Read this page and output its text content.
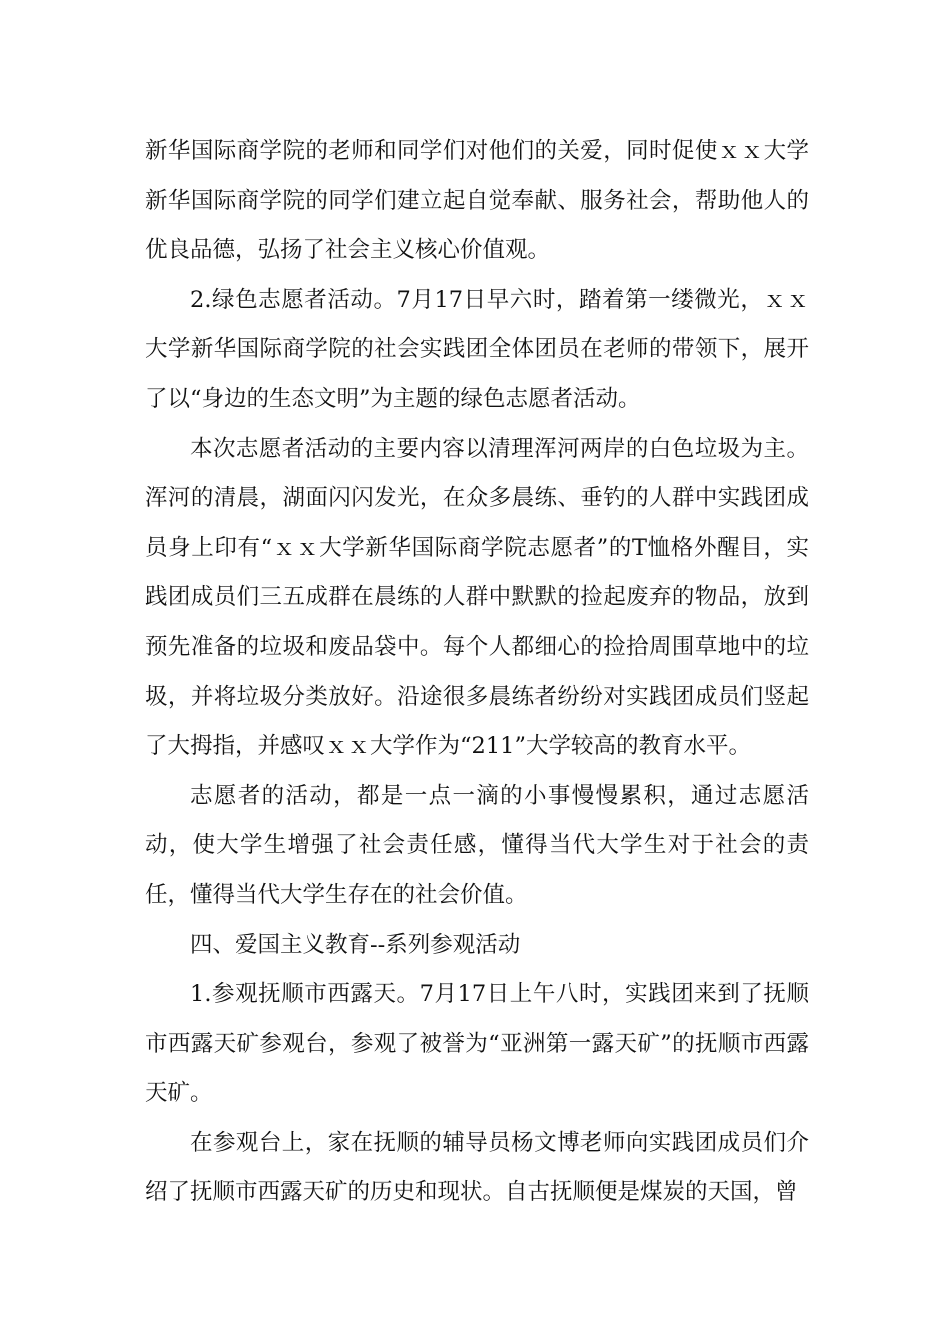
新华国际商学院的老师和同学们对他们的关爱，同时促使ｘｘ大学新华国际商学院的同学们建立起自觉奉献、服务社会，帮助他人的优良品德，弘扬了社会主义核心价值观。

2.绿色志愿者活动。7月17日早六时，踏着第一缕微光，ｘｘ大学新华国际商学院的社会实践团全体团员在老师的带领下，展开了以“身边的生态文明”为主题的绿色志愿者活动。

本次志愿者活动的主要内容以清理浑河两岸的白色垃圾为主。浑河的清晨，湖面闪闪发光，在众多晨练、垂钓的人群中实践团成员身上印有“ｘｘ大学新华国际商学院志愿者”的T恤格外醒目，实践团成员们三五成群在晨练的人群中默默的捡起废弃的物品，放到预先准备的垃圾和废品袋中。每个人都细心的捡拾周围草地中的垃圾，并将垃圾分类放好。沿途很多晨练者纷纷对实践团成员们竖起了大拇指，并感叹ｘｘ大学作为“211”大学较高的教育水平。

志愿者的活动，都是一点一滴的小事慢慢累积，通过志愿活动，使大学生增强了社会责任感，懂得当代大学生对于社会的责任，懂得当代大学生存在的社会价值。

四、爱国主义教育--系列参观活动

1.参观抚顺市西露天。7月17日上午八时，实践团来到了抚顺市西露天矿参观台，参观了被誉为“亚洲第一露天矿”的抚顺市西露天矿。

在参观台上，家在抚顺的辅导员杨文博老师向实践团成员们介绍了抚顺市西露天矿的历史和现状。自古抚顺便是煤炭的天国，曾
